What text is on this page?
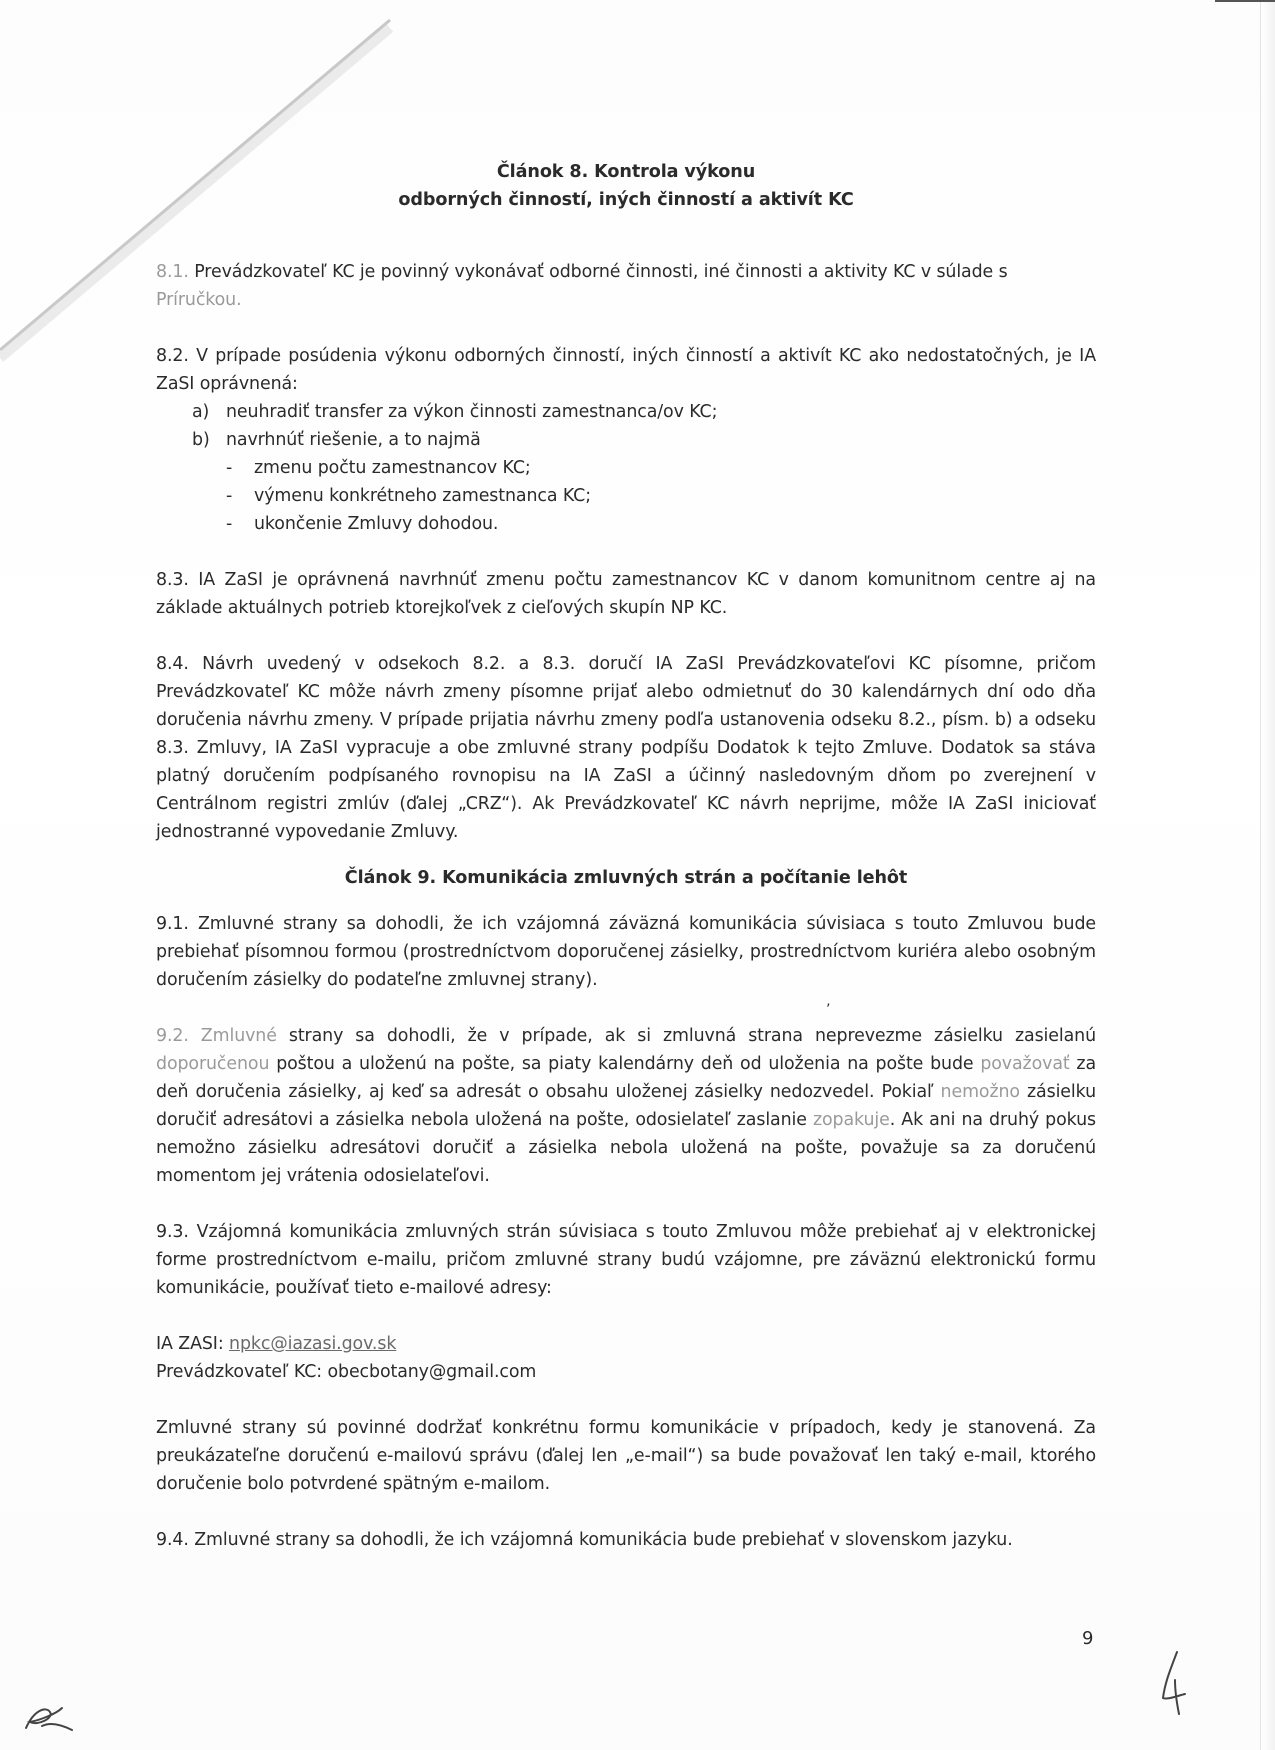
Článok 8. Kontrola výkonu
odborných činností, iných činností a aktivít KC

8.1. Prevádzkovateľ KC je povinný vykonávať odborné činnosti, iné činnosti a aktivity KC v súlade s
Príručkou.

8.2. V prípade posúdenia výkonu odborných činností, iných činností a aktivít KC ako nedostatočných, je IA ZaSI oprávnená:

a) neuhradiť transfer za výkon činnosti zamestnanca/ov KC;
b) navrhnúť riešenie, a to najmä
-	zmenu počtu zamestnancov KC;
-	výmenu konkrétneho zamestnanca KC;
-	ukončenie Zmluvy dohodou.

8.3. IA ZaSI je oprávnená navrhnúť zmenu počtu zamestnancov KC v danom komunitnom centre aj na základe aktuálnych potrieb ktorejkoľvek z cieľových skupín NP KC.

8.4. Návrh uvedený v odsekoch 8.2. a 8.3. doručí IA ZaSI Prevádzkovateľovi KC písomne, pričom Prevádzkovateľ KC môže návrh zmeny písomne prijať alebo odmietnuť do 30 kalendárnych dní odo dňa doručenia návrhu zmeny. V prípade prijatia návrhu zmeny podľa ustanovenia odseku 8.2., písm. b) a odseku 8.3. Zmluvy, IA ZaSI vypracuje a obe zmluvné strany podpíšu Dodatok k tejto Zmluve. Dodatok sa stáva platný doručením podpísaného rovnopisu na IA ZaSI a účinný nasledovným dňom po zverejnení v Centrálnom registri zmlúv (ďalej „CRZ“). Ak Prevádzkovateľ KC návrh neprijme, môže IA ZaSI iniciovať jednostranné vypovedanie Zmluvy.

Článok 9. Komunikácia zmluvných strán a počítanie lehôt

9.1. Zmluvné strany sa dohodli, že ich vzájomná záväzná komunikácia súvisiaca s touto Zmluvou bude prebiehať písomnou formou (prostredníctvom doporučenej zásielky, prostredníctvom kuriéra alebo osobným doručením zásielky do podateľne zmluvnej strany).

9.2. Zmluvné strany sa dohodli, že v prípade, ak si zmluvná strana neprevezme zásielku zasielanú doporučenou poštou a uloženú na pošte, sa piaty kalendárny deň od uloženia na pošte bude považovať za deň doručenia zásielky, aj keď sa adresát o obsahu uloženej zásielky nedozvedel. Pokiaľ nemožno zásielku doručiť adresátovi a zásielka nebola uložená na pošte, odosielateľ zaslanie zopakuje. Ak ani na druhý pokus nemožno zásielku adresátovi doručiť a zásielka nebola uložená na pošte, považuje sa za doručenú momentom jej vrátenia odosielateľovi.

9.3. Vzájomná komunikácia zmluvných strán súvisiaca s touto Zmluvou môže prebiehať aj v elektronickej forme prostredníctvom e-mailu, pričom zmluvné strany budú vzájomne, pre záväznú elektronickú formu komunikácie, používať tieto e-mailové adresy:

IA ZASI: npkc@iazasi.gov.sk
Prevádzkovateľ KC: obecbotany@gmail.com

Zmluvné strany sú povinné dodržať konkrétnu formu komunikácie v prípadoch, kedy je stanovená. Za preukázateľne doručenú e-mailovú správu (ďalej len „e-mail“) sa bude považovať len taký e-mail, ktorého doručenie bolo potvrdené spätným e-mailom.

9.4. Zmluvné strany sa dohodli, že ich vzájomná komunikácia bude prebiehať v slovenskom jazyku.

’
9
